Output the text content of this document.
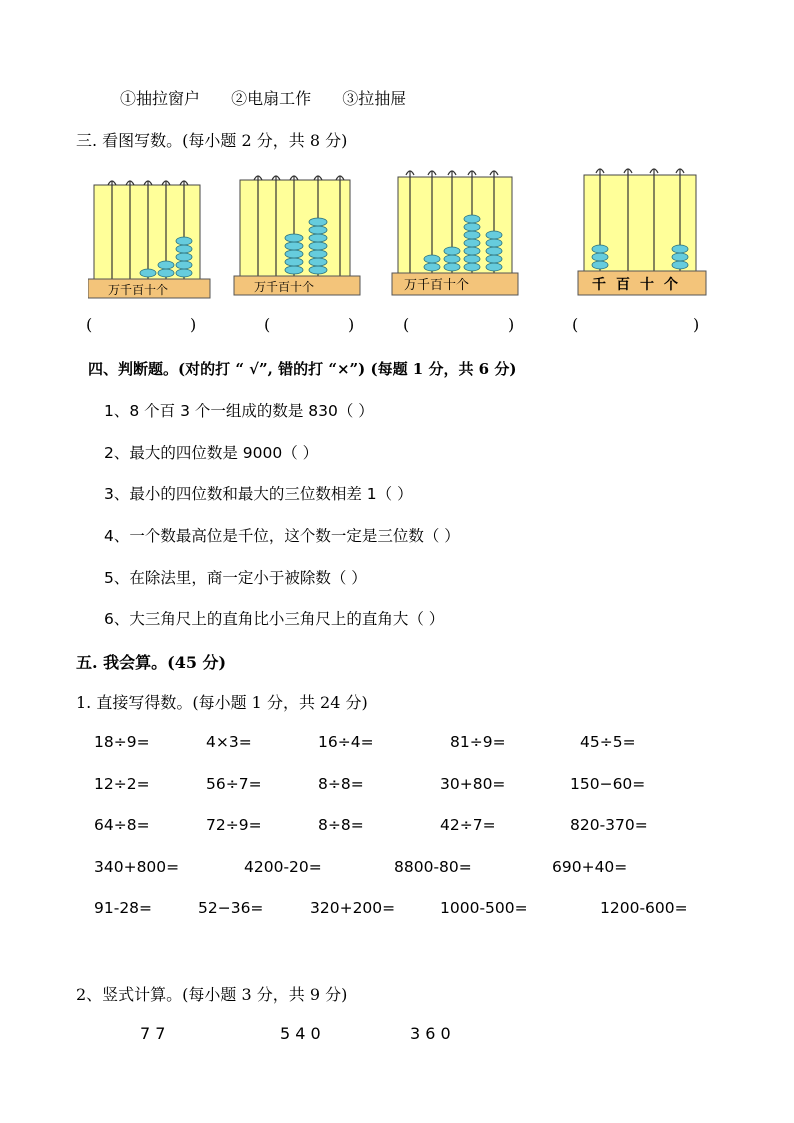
①抽拉窗户 ②电扇工作 ③拉抽屉
三. 看图写数。(每小题 2 分，共 8 分)
万千百十个	万千百十个	万千百十个	千百十个
(	)	(	)	(	)	(	)
四、判断题。(对的打 “ √”, 错的打 “×”) (每题 1 分，共 6 分)
1、8 个百 3 个一组成的数是 830（ ）
2、最大的四位数是 9000（ ）
3、最小的四位数和最大的三位数相差 1（ ）
4、一个数最高位是千位，这个数一定是三位数（ ）
5、在除法里，商一定小于被除数（ ）
6、大三角尺上的直角比小三角尺上的直角大（ ）
五. 我会算。(45 分)
1. 直接写得数。(每小题 1 分，共 24 分)
18÷9=	4×3=	16÷4=	81÷9=	45÷5=
12÷2=	56÷7=	8÷8=	30+80=	150−60=
64÷8=	72÷9=	8÷8=	42÷7=	820-370=
340+800=	4200-20=	8800-80=	690+40=
91-28=	52−36=	320+200=	1000-500=	1200-600=
2、竖式计算。(每小题 3 分，共 9 分)
7 7	5 4 0	3 6 0
